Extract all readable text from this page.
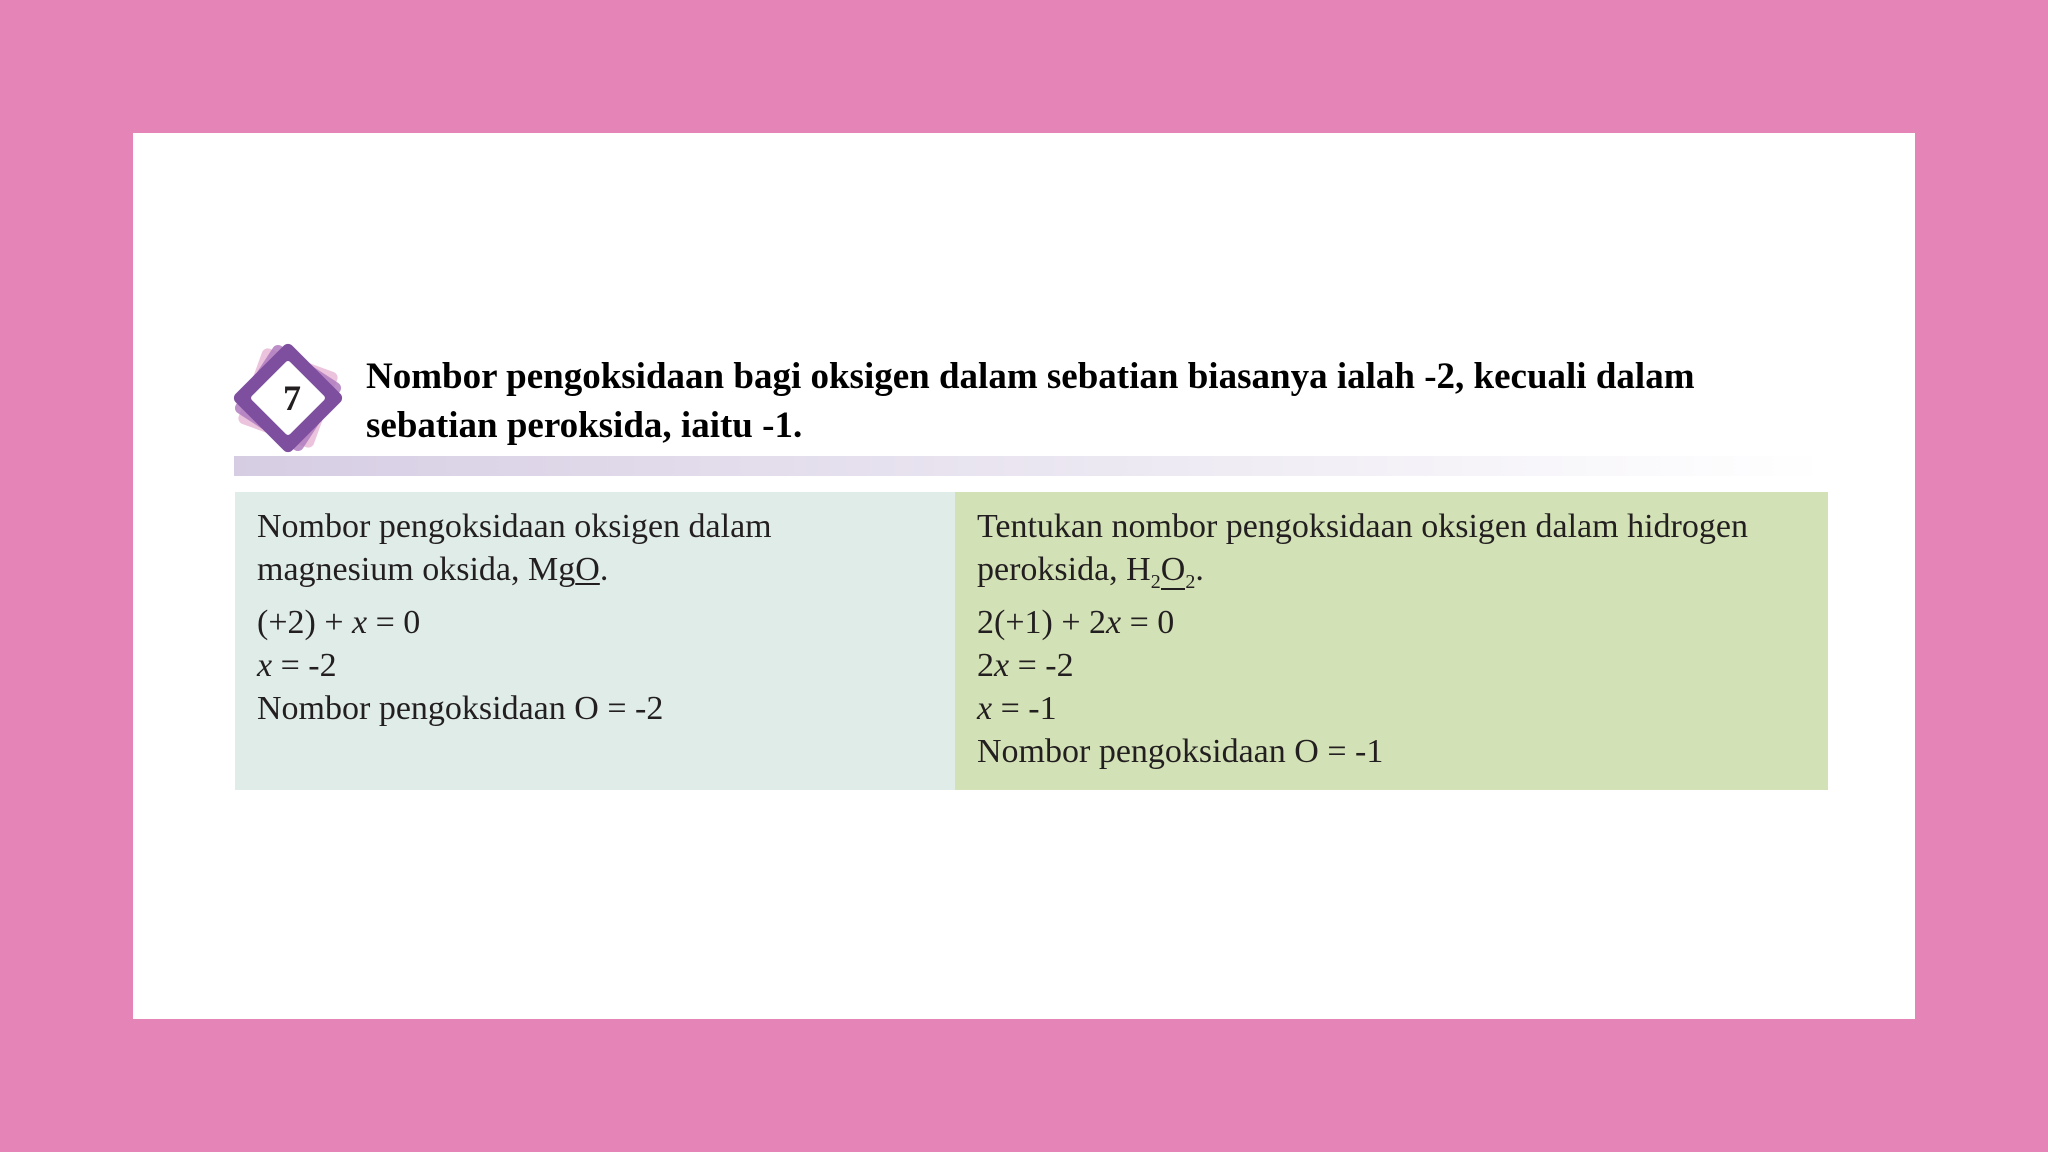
7

Nombor pengoksidaan bagi oksigen dalam sebatian biasanya ialah -2, kecuali dalam sebatian peroksida, iaitu -1.

Nombor pengoksidaan oksigen dalam magnesium oksida, MgO.

(+2) + x = 0

x = -2

Nombor pengoksidaan O = -2

Tentukan nombor pengoksidaan oksigen dalam hidrogen peroksida, $H_2O_2$.

2(+1) + 2x = 0

2x = -2

x = -1

Nombor pengoksidaan O = -1
